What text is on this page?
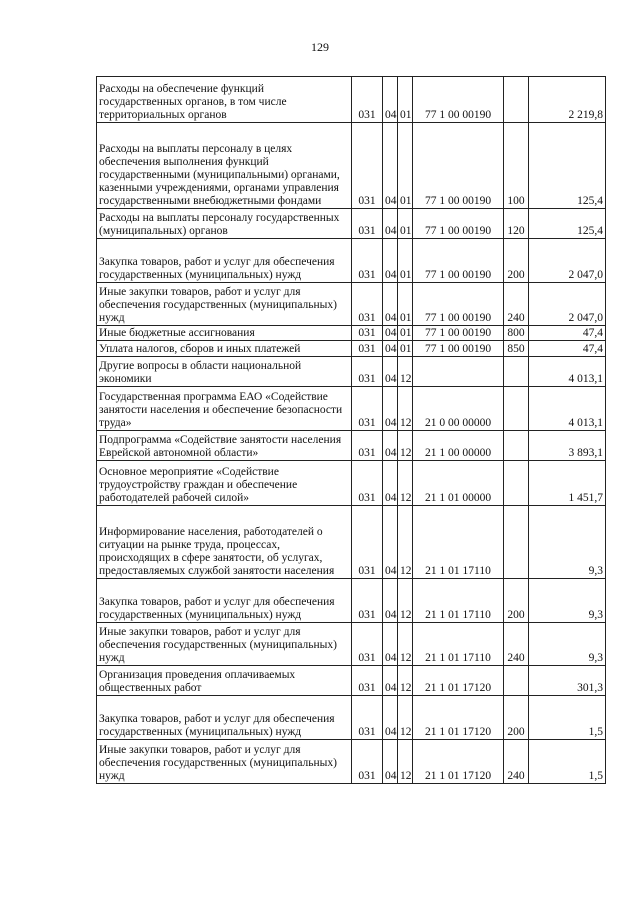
129
Расходы на обеспечение функций государственных органов, в том числе территориальных органов	031	04	01	77 1 00 00190		2 219,8
Расходы на выплаты персоналу в целях обеспечения выполнения функций государственными (муниципальными) органами, казенными учреждениями, органами управления государственными внебюджетными фондами	031	04	01	77 1 00 00190	100	125,4
Расходы на выплаты персоналу государственных (муниципальных) органов	031	04	01	77 1 00 00190	120	125,4
Закупка товаров, работ и услуг для обеспечения государственных (муниципальных) нужд	031	04	01	77 1 00 00190	200	2 047,0
Иные закупки товаров, работ и услуг для обеспечения государственных (муниципальных) нужд	031	04	01	77 1 00 00190	240	2 047,0
Иные бюджетные ассигнования	031	04	01	77 1 00 00190	800	47,4
Уплата налогов, сборов и иных платежей	031	04	01	77 1 00 00190	850	47,4
Другие вопросы в области национальной экономики	031	04	12			4 013,1
Государственная программа ЕАО «Содействие занятости населения и обеспечение безопасности труда»	031	04	12	21 0 00 00000		4 013,1
Подпрограмма «Содействие занятости населения Еврейской автономной области»	031	04	12	21 1 00 00000		3 893,1
Основное мероприятие «Содействие трудоустройству граждан и обеспечение работодателей рабочей силой»	031	04	12	21 1 01 00000		1 451,7
Информирование населения, работодателей о ситуации на рынке труда, процессах, происходящих в сфере занятости, об услугах, предоставляемых службой занятости населения	031	04	12	21 1 01 17110		9,3
Закупка товаров, работ и услуг для обеспечения государственных (муниципальных) нужд	031	04	12	21 1 01 17110	200	9,3
Иные закупки товаров, работ и услуг для обеспечения государственных (муниципальных) нужд	031	04	12	21 1 01 17110	240	9,3
Организация проведения оплачиваемых общественных работ	031	04	12	21 1 01 17120		301,3
Закупка товаров, работ и услуг для обеспечения государственных (муниципальных) нужд	031	04	12	21 1 01 17120	200	1,5
Иные закупки товаров, работ и услуг для обеспечения государственных (муниципальных) нужд	031	04	12	21 1 01 17120	240	1,5
